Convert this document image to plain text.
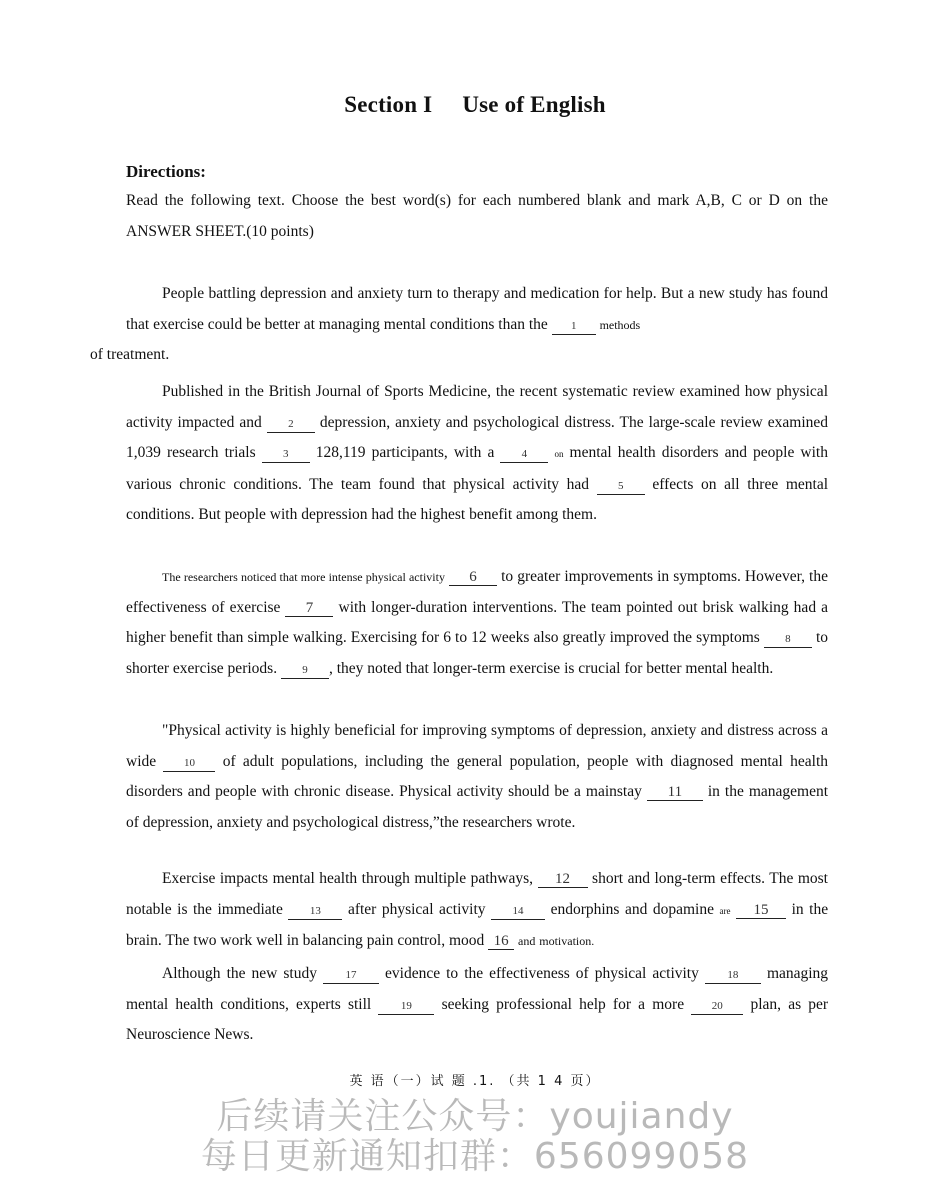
Section I Use of English
Directions:
Read the following text. Choose the best word(s) for each numbered blank and mark A,B, C or D on the ANSWER SHEET.(10 points)

People battling depression and anxiety turn to therapy and medication for help. But a new study has found that exercise could be better at managing mental conditions than the 1 methods
of treatment.

Published in the British Journal of Sports Medicine, the recent systematic review examined how physical activity impacted and 2 depression, anxiety and psychological distress. The large-scale review examined 1,039 research trials 3 128,119 participants, with a 4	on mental health disorders and people with various chronic conditions. The team found that physical activity had	5 effects on all three mental conditions. But people with depression had the highest benefit among them.

The researchers noticed that more intense physical activity 6 to greater improvements in symptoms. However, the effectiveness of exercise 7 with longer-duration interventions. The team pointed out brisk walking had a higher benefit than simple walking. Exercising for 6 to 12 weeks also greatly improved the symptoms 8 to shorter exercise periods. 9 , they noted that longer-term exercise is crucial for better mental health.

"Physical activity is highly beneficial for improving symptoms of depression, anxiety and distress across a wide	10 of adult populations, including the general population, people with diagnosed mental health disorders and people with chronic disease. Physical activity should be a mainstay 11 in the management of depression, anxiety and psychological distress,”the researchers wrote.

Exercise impacts mental health through multiple pathways, 12 short and long-term effects. The most notable is the immediate 13 after physical activity 14 endorphins and dopamine are 15 in the brain. The two work well in balancing pain control, mood 16 and motivation.

Although the new study	17 evidence to the effectiveness of physical activity	18 managing mental health conditions, experts still	19 seeking professional help for a more	20 plan, as per Neuroscience News.

英 语（一）试 题 .1. （共 1 4 页）
后续请关注公众号：youjiandy
每日更新通知扣群：656099058
